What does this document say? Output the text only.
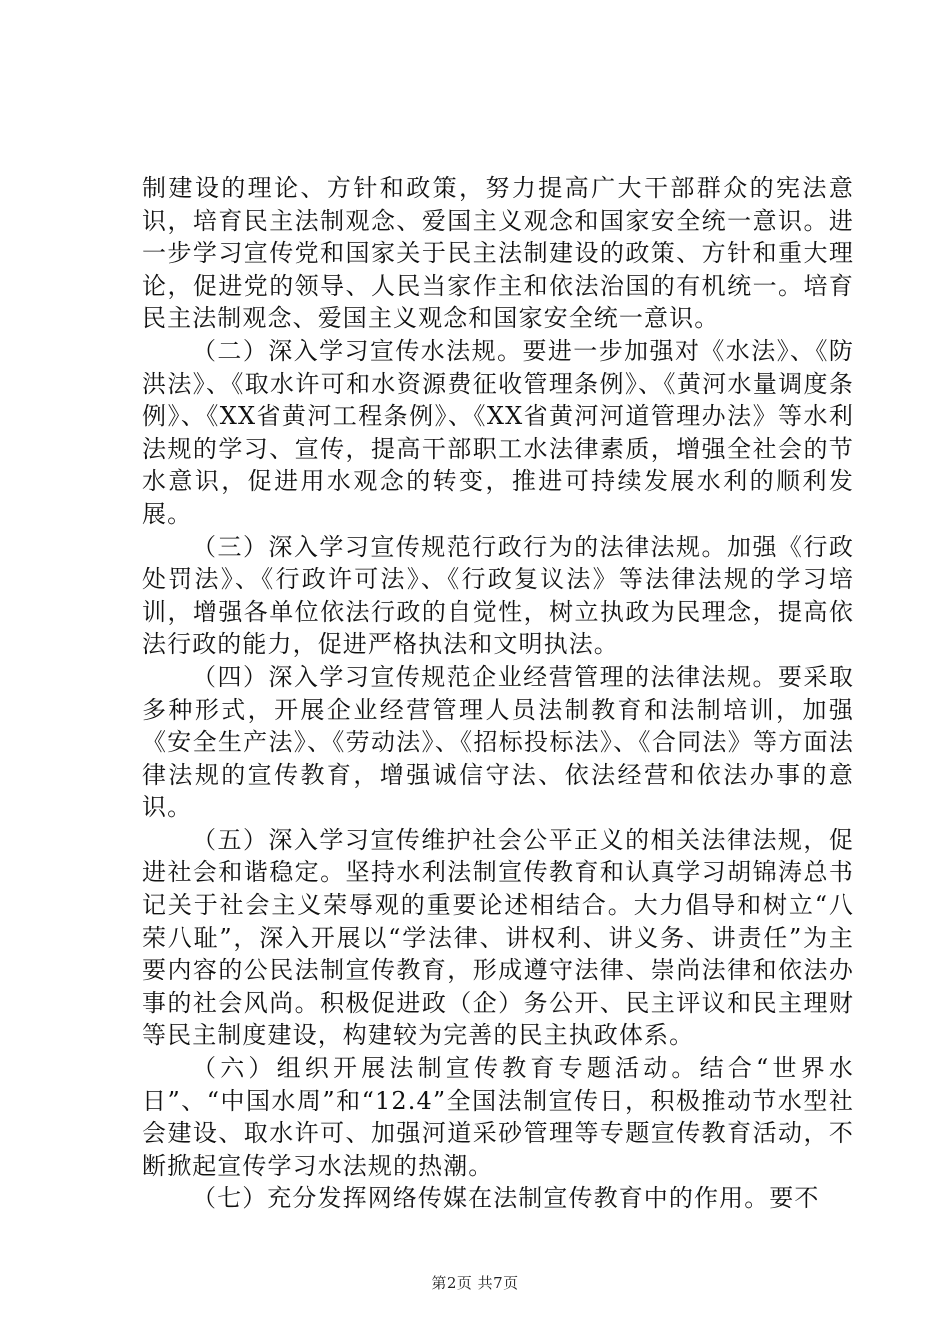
制建设的理论、方针和政策，努力提高广大干部群众的宪法意识，培育民主法制观念、爱国主义观念和国家安全统一意识。进一步学习宣传党和国家关于民主法制建设的政策、方针和重大理论，促进党的领导、人民当家作主和依法治国的有机统一。培育民主法制观念、爱国主义观念和国家安全统一意识。

（二）深入学习宣传水法规。要进一步加强对《水法》、《防洪法》、《取水许可和水资源费征收管理条例》、《黄河水量调度条例》、《XX省黄河工程条例》、《XX省黄河河道管理办法》等水利法规的学习、宣传，提高干部职工水法律素质，增强全社会的节水意识，促进用水观念的转变，推进可持续发展水利的顺利发展。

（三）深入学习宣传规范行政行为的法律法规。加强《行政处罚法》、《行政许可法》、《行政复议法》等法律法规的学习培训，增强各单位依法行政的自觉性，树立执政为民理念，提高依法行政的能力，促进严格执法和文明执法。

（四）深入学习宣传规范企业经营管理的法律法规。要采取多种形式，开展企业经营管理人员法制教育和法制培训，加强《安全生产法》、《劳动法》、《招标投标法》、《合同法》等方面法律法规的宣传教育，增强诚信守法、依法经营和依法办事的意识。

（五）深入学习宣传维护社会公平正义的相关法律法规，促进社会和谐稳定。坚持水利法制宣传教育和认真学习胡锦涛总书记关于社会主义荣辱观的重要论述相结合。大力倡导和树立“八荣八耻”，深入开展以“学法律、讲权利、讲义务、讲责任”为主要内容的公民法制宣传教育，形成遵守法律、崇尚法律和依法办事的社会风尚。积极促进政（企）务公开、民主评议和民主理财等民主制度建设，构建较为完善的民主执政体系。

（六）组织开展法制宣传教育专题活动。结合“世界水日”、“中国水周”和“12.4”全国法制宣传日，积极推动节水型社会建设、取水许可、加强河道采砂管理等专题宣传教育活动，不断掀起宣传学习水法规的热潮。

（七）充分发挥网络传媒在法制宣传教育中的作用。要不

第2页 共7页
